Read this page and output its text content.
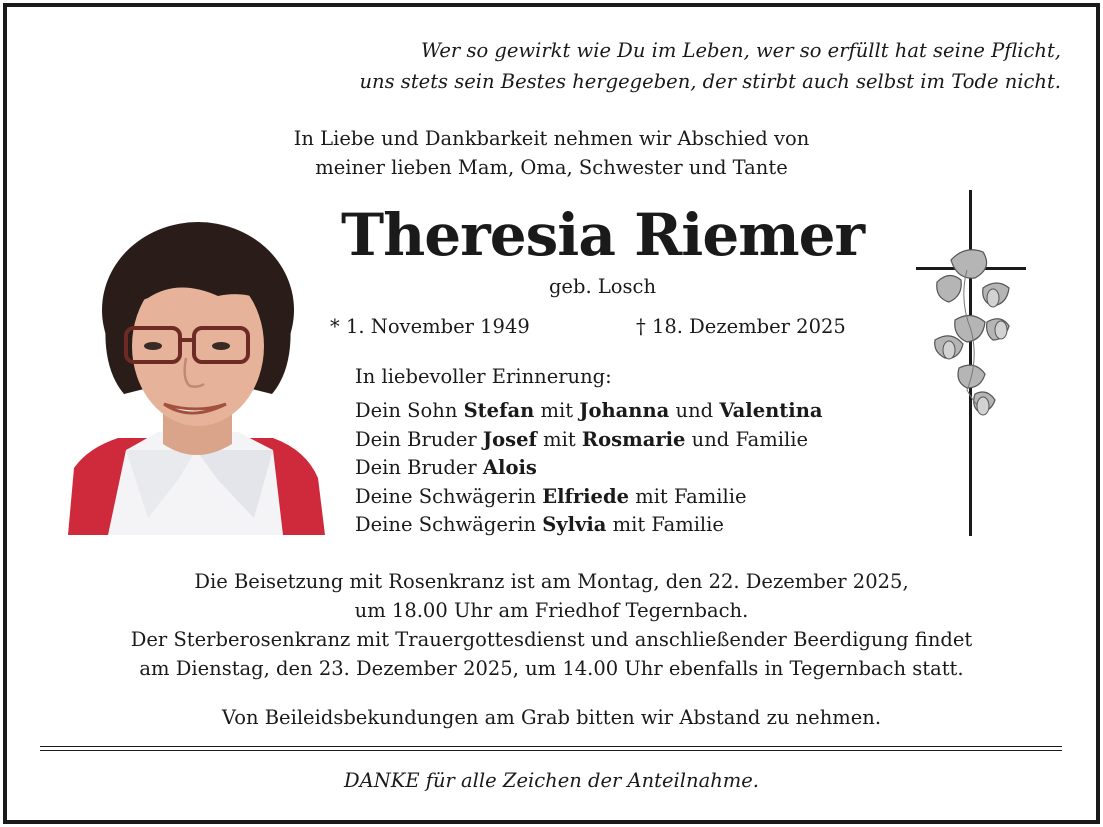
Wer so gewirkt wie Du im Leben, wer so erfüllt hat seine Pflicht,
uns stets sein Bestes hergegeben, der stirbt auch selbst im Tode nicht.
In Liebe und Dankbarkeit nehmen wir Abschied von
meiner lieben Mam, Oma, Schwester und Tante
Theresia Riemer
geb. Losch
* 1. November 1949	† 18. Dezember 2025
In liebevoller Erinnerung:
Dein Sohn Stefan mit Johanna und Valentina
Dein Bruder Josef mit Rosmarie und Familie
Dein Bruder Alois
Deine Schwägerin Elfriede mit Familie
Deine Schwägerin Sylvia mit Familie
Die Beisetzung mit Rosenkranz ist am Montag, den 22. Dezember 2025,
um 18.00 Uhr am Friedhof Tegernbach.
Der Sterberosenkranz mit Trauergottesdienst und anschließender Beerdigung findet
am Dienstag, den 23. Dezember 2025, um 14.00 Uhr ebenfalls in Tegernbach statt.
Von Beileidsbekundungen am Grab bitten wir Abstand zu nehmen.
DANKE für alle Zeichen der Anteilnahme.
